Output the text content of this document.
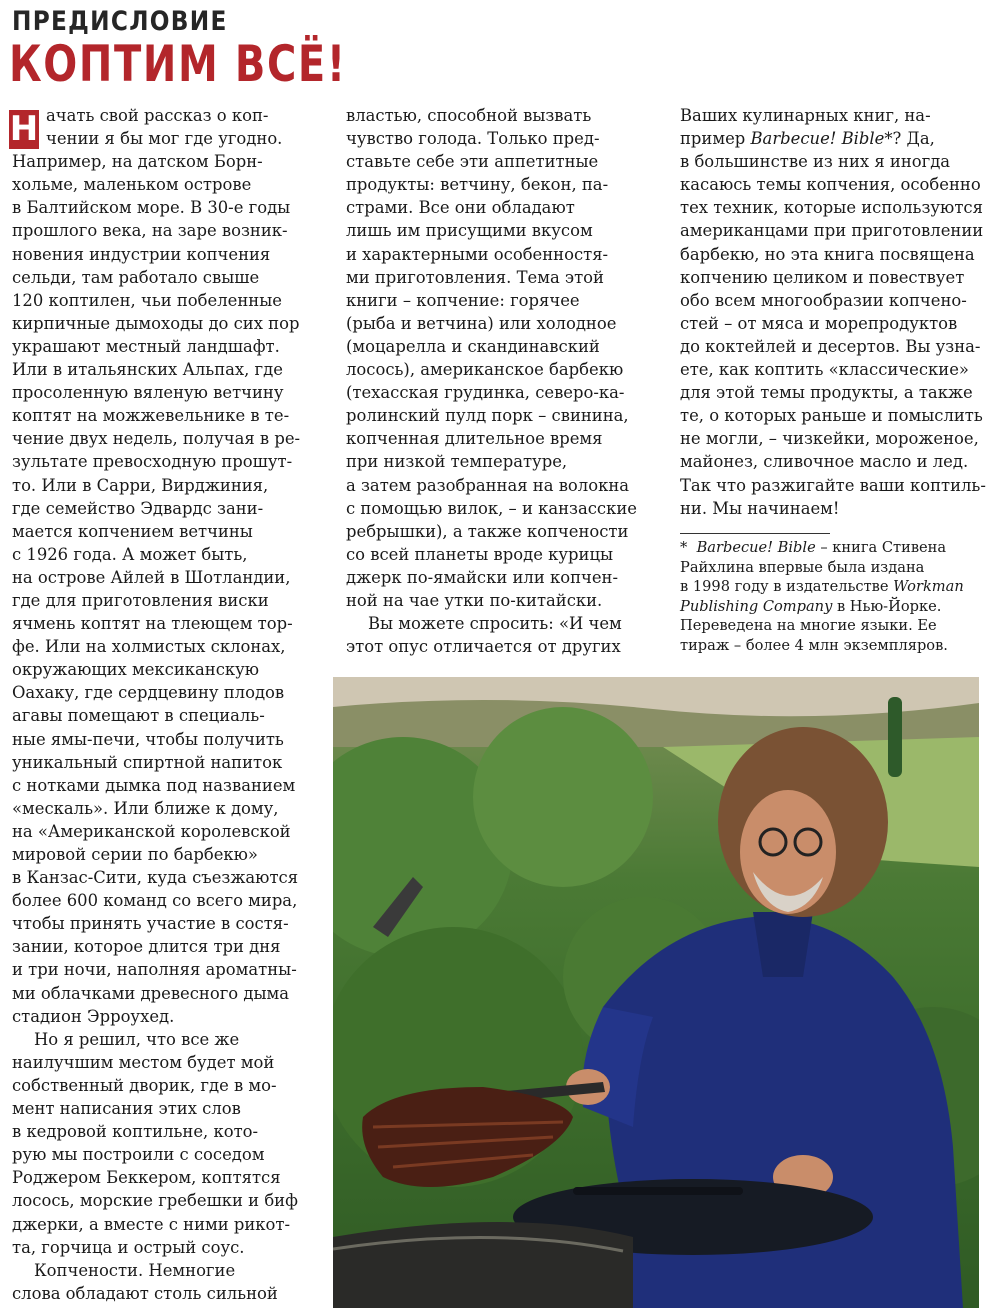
ПРЕДИСЛОВИЕ
КОПТИМ ВСЁ!
Н ачать свой рассказ о коп-
чении я бы мог где угодно.
Например, на датском Борн-
хольме, маленьком острове
в Балтийском море. В 30-е годы
прошлого века, на заре возник-
новения индустрии копчения
сельди, там работало свыше
120 коптилен, чьи побеленные
кирпичные дымоходы до сих пор
украшают местный ландшафт.
Или в итальянских Альпах, где
просоленную вяленую ветчину
коптят на можжевельнике в те-
чение двух недель, получая в ре-
зультате превосходную прошут-
то. Или в Сарри, Вирджиния,
где семейство Эдвардс зани-
мается копчением ветчины
с 1926 года. А может быть,
на острове Айлей в Шотландии,
где для приготовления виски
ячмень коптят на тлеющем тор-
фе. Или на холмистых склонах,
окружающих мексиканскую
Оахаку, где сердцевину плодов
агавы помещают в специаль-
ные ямы-печи, чтобы получить
уникальный спиртной напиток
с нотками дымка под названием
«мескаль». Или ближе к дому,
на «Американской королевской
мировой серии по барбекю»
в Канзас-Сити, куда съезжаются
более 600 команд со всего мира,
чтобы принять участие в состя-
зании, которое длится три дня
и три ночи, наполняя ароматны-
ми облачками древесного дыма
стадион Эрроухед.
Но я решил, что все же
наилучшим местом будет мой
собственный дворик, где в мо-
мент написания этих слов
в кедровой коптильне, кото-
рую мы построили с соседом
Роджером Беккером, коптятся
лосось, морские гребешки и биф
джерки, а вместе с ними рикот-
та, горчица и острый соус.
Копчености. Немногие
слова обладают столь сильной
властью, способной вызвать
чувство голода. Только пред-
ставьте себе эти аппетитные
продукты: ветчину, бекон, па-
страми. Все они обладают
лишь им присущими вкусом
и характерными особенностя-
ми приготовления. Тема этой
книги – копчение: горячее
(рыба и ветчина) или холодное
(моцарелла и скандинавский
лосось), американское барбекю
(техасская грудинка, северо-ка-
ролинский пулд порк – свинина,
копченная длительное время
при низкой температуре,
а затем разобранная на волокна
с помощью вилок, – и канзасские
ребрышки), а также копчености
со всей планеты вроде курицы
джерк по-ямайски или копчен-
ной на чае утки по-китайски.
Вы можете спросить: «И чем
этот опус отличается от других
Ваших кулинарных книг, на-
пример Barbecue! Bible*? Да,
в большинстве из них я иногда
касаюсь темы копчения, особенно
тех техник, которые используются
американцами при приготовлении
барбекю, но эта книга посвящена
копчению целиком и повествует
обо всем многообразии копчено-
стей – от мяса и морепродуктов
до коктейлей и десертов. Вы узна-
ете, как коптить «классические»
для этой темы продукты, а также
те, о которых раньше и помыслить
не могли, – чизкейки, мороженое,
майонез, сливочное масло и лед.
Так что разжигайте ваши коптиль-
ни. Мы начинаем!
* Barbecue! Bible – книга Стивена
Райхлина впервые была издана
в 1998 году в издательстве Workman
Publishing Company в Нью-Йорке.
Переведена на многие языки. Ее
тираж – более 4 млн экземпляров.
